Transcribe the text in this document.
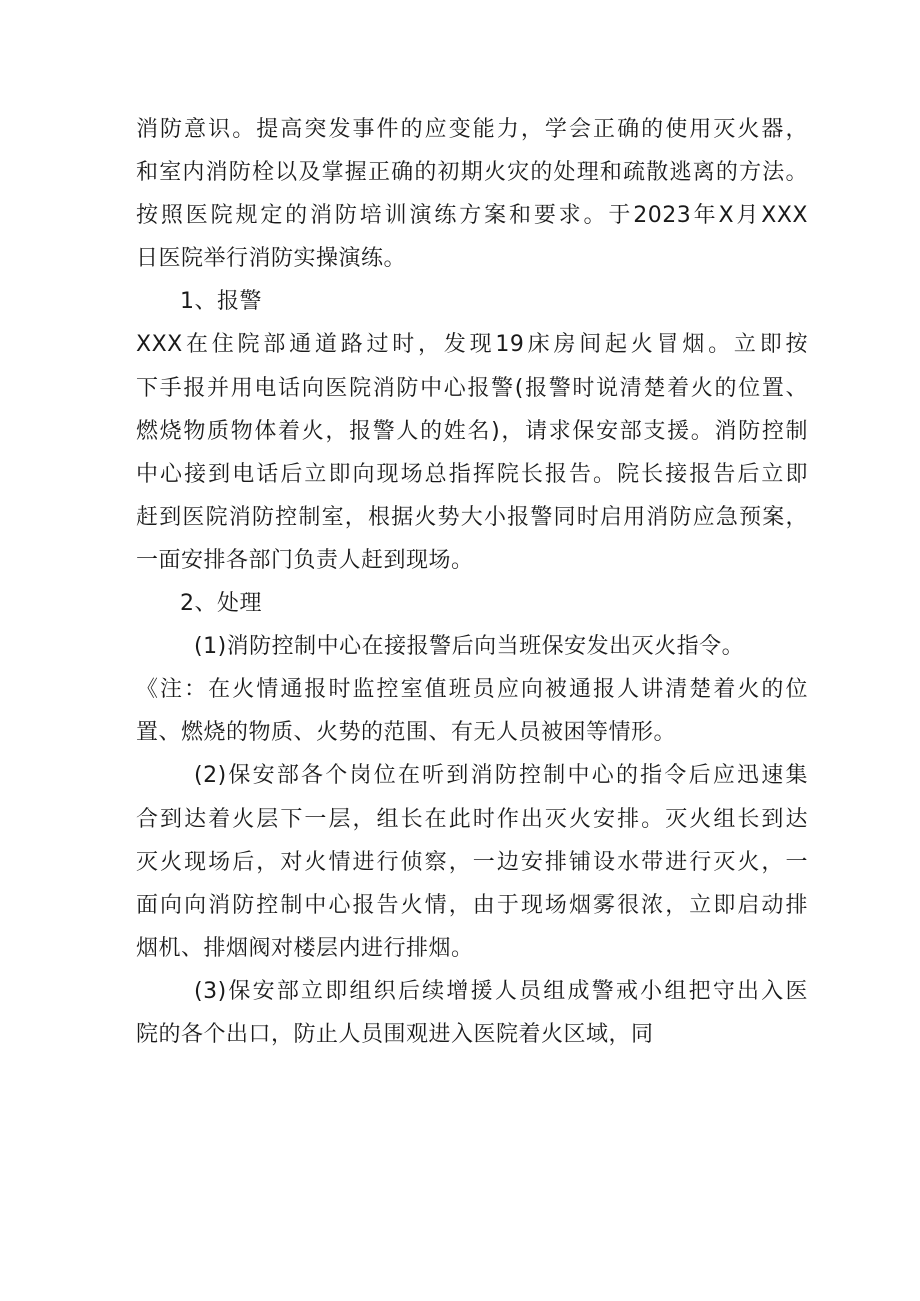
消防意识。提高突发事件的应变能力，学会正确的使用灭火器，
和室内消防栓以及掌握正确的初期火灾的处理和疏散逃离的方法。
按照医院规定的消防培训演练方案和要求。于2023年X月XXX
日医院举行消防实操演练。
1、报警
XXX在住院部通道路过时，发现19床房间起火冒烟。立即按
下手报并用电话向医院消防中心报警(报警时说清楚着火的位置、
燃烧物质物体着火，报警人的姓名)，请求保安部支援。消防控制
中心接到电话后立即向现场总指挥院长报告。院长接报告后立即
赶到医院消防控制室，根据火势大小报警同时启用消防应急预案，
一面安排各部门负责人赶到现场。
2、处理
(1)消防控制中心在接报警后向当班保安发出灭火指令。
《注：在火情通报时监控室值班员应向被通报人讲清楚着火的位
置、燃烧的物质、火势的范围、有无人员被困等情形。
(2)保安部各个岗位在听到消防控制中心的指令后应迅速集
合到达着火层下一层，组长在此时作出灭火安排。灭火组长到达
灭火现场后，对火情进行侦察，一边安排铺设水带进行灭火，一
面向向消防控制中心报告火情，由于现场烟雾很浓，立即启动排
烟机、排烟阀对楼层内进行排烟。
(3)保安部立即组织后续增援人员组成警戒小组把守出入医
院的各个出口，防止人员围观进入医院着火区域，同
